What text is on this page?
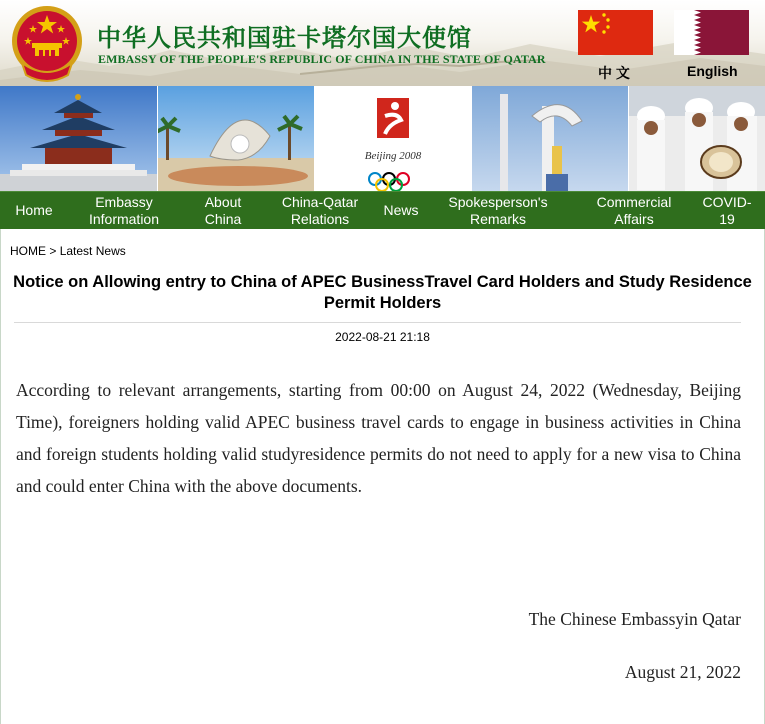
中华人民共和国驻卡塔尔国大使馆

EMBASSY OF THE PEOPLE'S REPUBLIC OF CHINA IN THE STATE OF QATAR

中 文	English
Beijing 2008
Home
Embassy
Information
About
China
China-Qatar
Relations
News
Spokesperson's
Remarks
Commercial
Affairs
COVID-
19
HOME > Latest News
Notice on Allowing entry to China of APEC BusinessTravel Card Holders and Study Residence Permit Holders
2022-08-21 21:18

According to relevant arrangements, starting from 00:00 on August 24, 2022 (Wednesday, Beijing Time), foreigners holding valid APEC business travel cards to engage in business activities in China and foreign students holding valid studyresidence permits do not need to apply for a new visa to China and could enter China with the above documents.

The Chinese Embassyin Qatar

August 21, 2022
